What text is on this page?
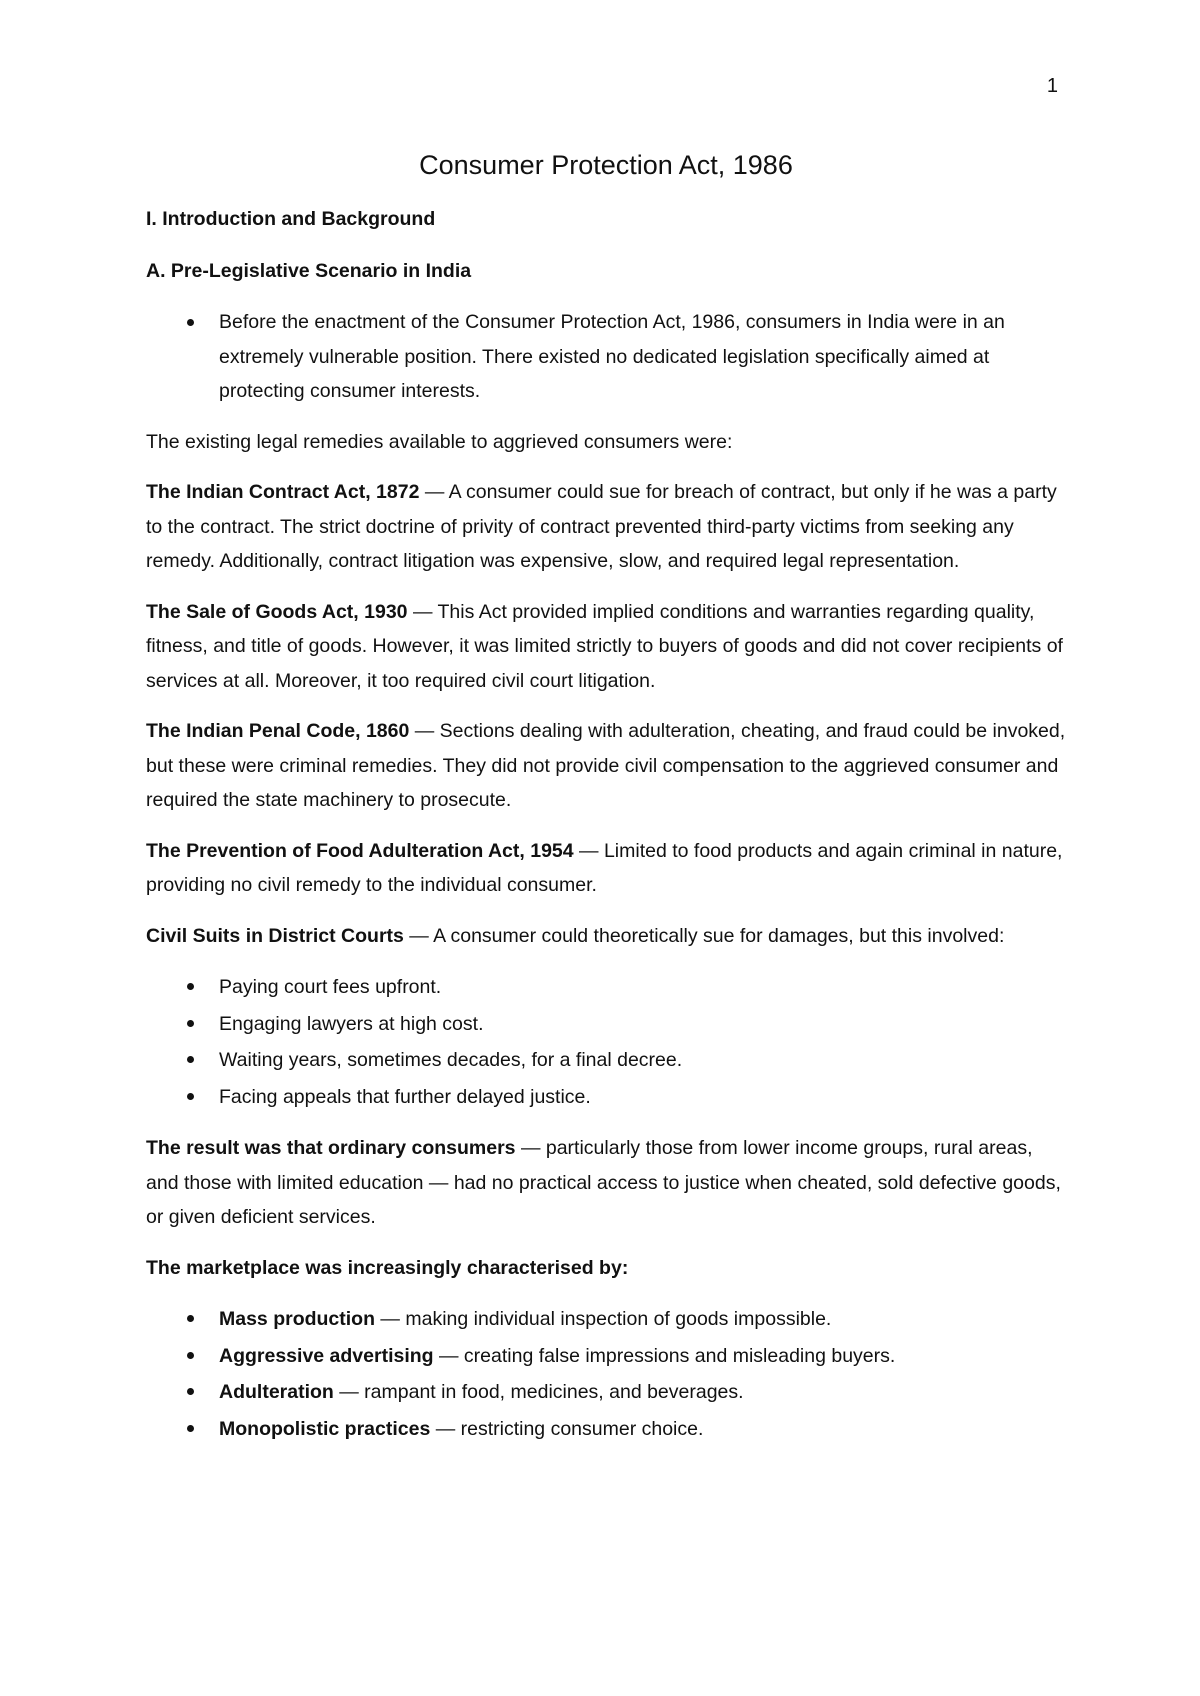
1
Consumer Protection Act, 1986
I. Introduction and Background
A. Pre-Legislative Scenario in India
Before the enactment of the Consumer Protection Act, 1986, consumers in India were in an extremely vulnerable position. There existed no dedicated legislation specifically aimed at protecting consumer interests.

The existing legal remedies available to aggrieved consumers were:

The Indian Contract Act, 1872 — A consumer could sue for breach of contract, but only if he was a party to the contract. The strict doctrine of privity of contract prevented third-party victims from seeking any remedy. Additionally, contract litigation was expensive, slow, and required legal representation.

The Sale of Goods Act, 1930 — This Act provided implied conditions and warranties regarding quality, fitness, and title of goods. However, it was limited strictly to buyers of goods and did not cover recipients of services at all. Moreover, it too required civil court litigation.

The Indian Penal Code, 1860 — Sections dealing with adulteration, cheating, and fraud could be invoked, but these were criminal remedies. They did not provide civil compensation to the aggrieved consumer and required the state machinery to prosecute.

The Prevention of Food Adulteration Act, 1954 — Limited to food products and again criminal in nature, providing no civil remedy to the individual consumer.

Civil Suits in District Courts — A consumer could theoretically sue for damages, but this involved:

Paying court fees upfront.
Engaging lawyers at high cost.
Waiting years, sometimes decades, for a final decree.
Facing appeals that further delayed justice.

The result was that ordinary consumers — particularly those from lower income groups, rural areas, and those with limited education — had no practical access to justice when cheated, sold defective goods, or given deficient services.

The marketplace was increasingly characterised by:

Mass production — making individual inspection of goods impossible.
Aggressive advertising — creating false impressions and misleading buyers.
Adulteration — rampant in food, medicines, and beverages.
Monopolistic practices — restricting consumer choice.
